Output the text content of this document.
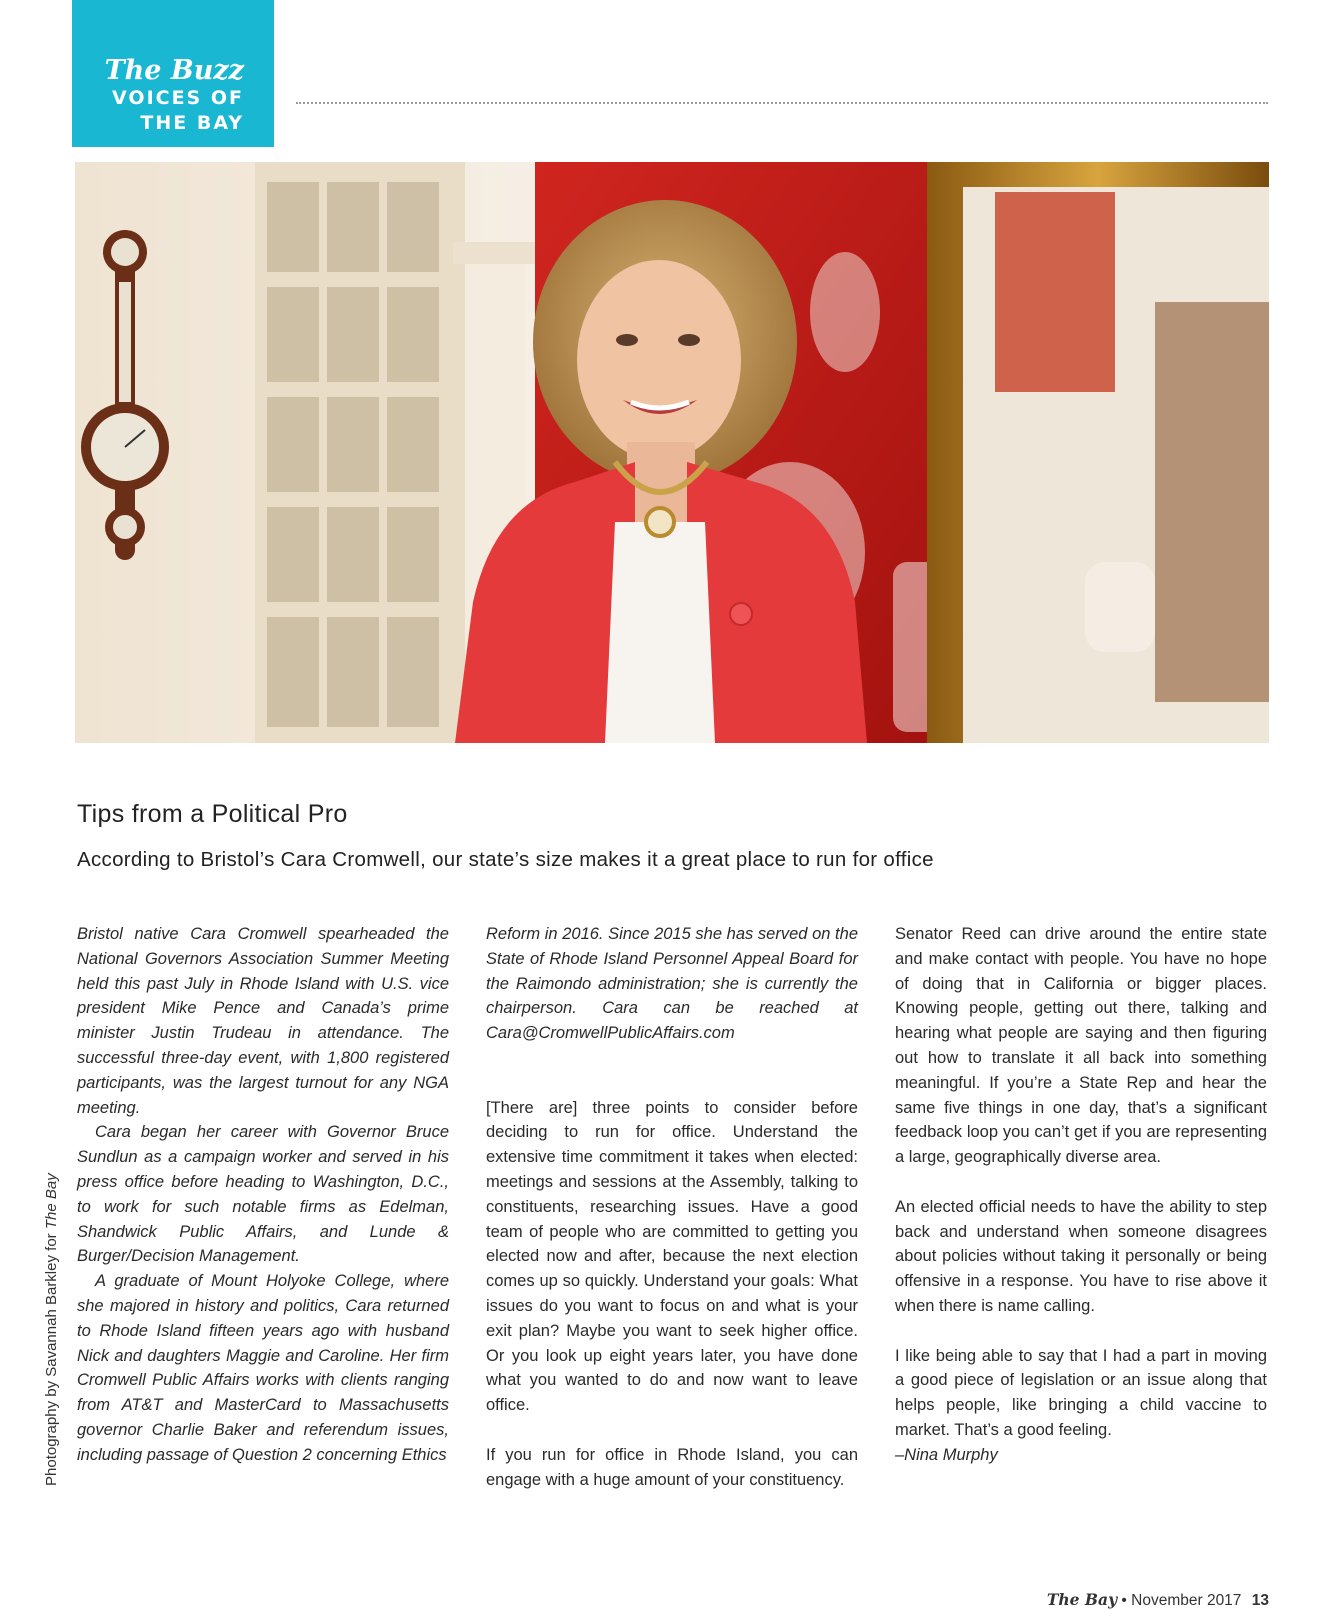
The Buzz
VOICES OF
THE BAY
Photography by Savannah Barkley for The Bay
Tips from a Political Pro
According to Bristol’s Cara Cromwell, our state’s size makes it a great place to run for office

Bristol native Cara Cromwell spearheaded the National Governors Association Summer Meeting held this past July in Rhode Island with U.S. vice president Mike Pence and Canada’s prime minister Justin Trudeau in attendance. The successful three-day event, with 1,800 registered participants, was the largest turnout for any NGA meeting.

Cara began her career with Governor Bruce Sundlun as a campaign worker and served in his press office before heading to Washington, D.C., to work for such notable firms as Edelman, Shandwick Public Affairs, and Lunde & Burger/Decision Management.

A graduate of Mount Holyoke College, where she majored in history and politics, Cara returned to Rhode Island fifteen years ago with husband Nick and daughters Maggie and Caroline. Her firm Cromwell Public Affairs works with clients ranging from AT&T and MasterCard to Massachusetts governor Charlie Baker and referendum issues, including passage of Question 2 concerning Ethics

Reform in 2016. Since 2015 she has served on the State of Rhode Island Personnel Appeal Board for the Raimondo administration; she is currently the chairperson. Cara can be reached at Cara@CromwellPublicAffairs.com

[There are] three points to consider before deciding to run for office. Understand the extensive time commitment it takes when elected: meetings and sessions at the Assembly, talking to constituents, researching issues. Have a good team of people who are committed to getting you elected now and after, because the next election comes up so quickly. Understand your goals: What issues do you want to focus on and what is your exit plan? Maybe you want to seek higher office. Or you look up eight years later, you have done what you wanted to do and now want to leave office.

If you run for office in Rhode Island, you can engage with a huge amount of your constituency.

Senator Reed can drive around the entire state and make contact with people. You have no hope of doing that in California or bigger places. Knowing people, getting out there, talking and hearing what people are saying and then figuring out how to translate it all back into something meaningful. If you’re a State Rep and hear the same five things in one day, that’s a significant feedback loop you can’t get if you are representing a large, geographically diverse area.

An elected official needs to have the ability to step back and understand when someone disagrees about policies without taking it personally or being offensive in a response. You have to rise above it when there is name calling.

I like being able to say that I had a part in moving a good piece of legislation or an issue along that helps people, like bringing a child vaccine to market. That’s a good feeling.

–Nina Murphy

The Bay • November 2017 13
